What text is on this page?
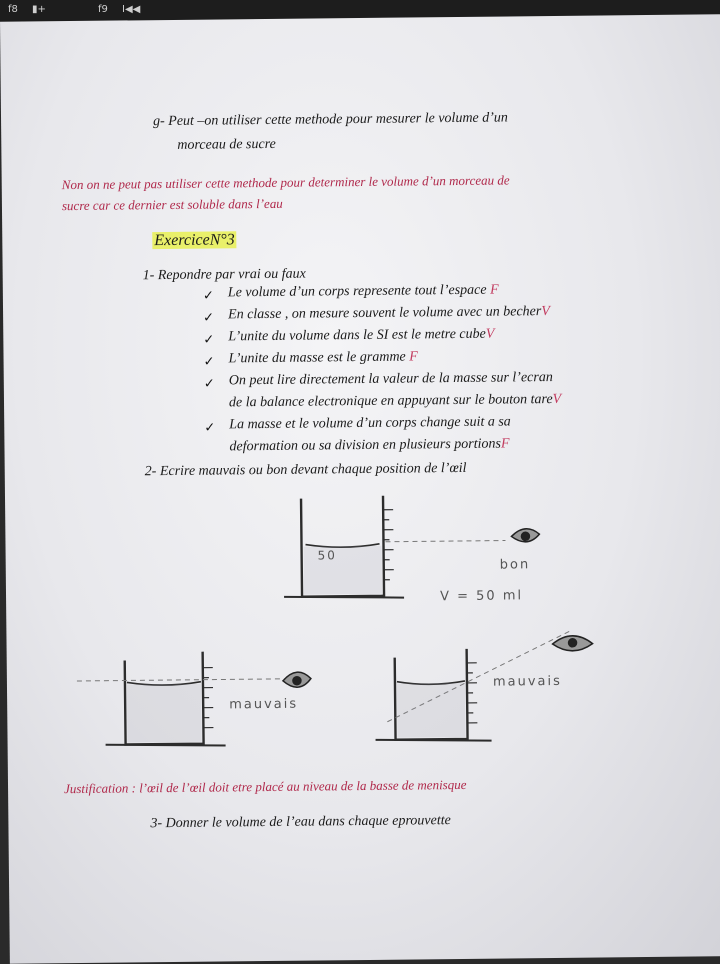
f8 ▮+	f9 I◀◀
g- Peut –on utiliser cette methode pour mesurer le volume d’un
morceau de sucre
Non on ne peut pas utiliser cette methode pour determiner le volume d’un morceau de
sucre car ce dernier est soluble dans l’eau
ExerciceN°3
1- Repondre par vrai ou faux
✓ Le volume d’un corps represente tout l’espace F
✓ En classe , on mesure souvent le volume avec un becherV
✓ L’unite du volume dans le SI est le metre cubeV
✓ L’unite du masse est le gramme F
✓ On peut lire directement la valeur de la masse sur l’ecran
de la balance electronique en appuyant sur le bouton tareV
✓ La masse et le volume d’un corps change suit a sa
deformation ou sa division en plusieurs portionsF
2- Ecrire mauvais ou bon devant chaque position de l’œil
50
bon
V = 50 ml
mauvais
mauvais
Justification : l’œil de l’œil doit etre placé au niveau de la basse de menisque
3- Donner le volume de l’eau dans chaque eprouvette
